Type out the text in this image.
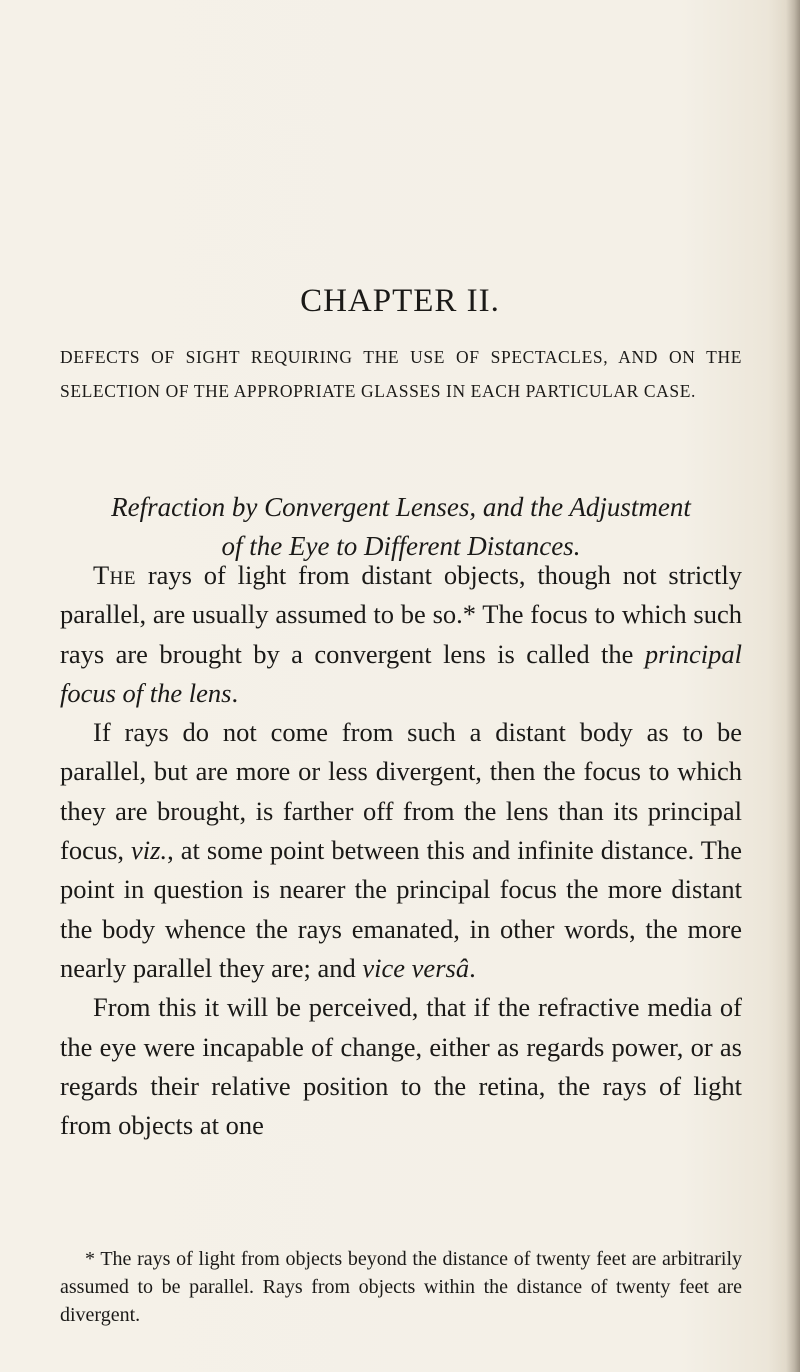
CHAPTER II.
DEFECTS OF SIGHT REQUIRING THE USE OF SPECTACLES, AND ON THE SELECTION OF THE APPROPRIATE GLASSES IN EACH PARTICULAR CASE.
Refraction by Convergent Lenses, and the Adjustment
of the Eye to Different Distances.

The rays of light from distant objects, though not strictly parallel, are usually assumed to be so.* The focus to which such rays are brought by a convergent lens is called the principal focus of the lens.

If rays do not come from such a distant body as to be parallel, but are more or less divergent, then the focus to which they are brought, is farther off from the lens than its principal focus, viz., at some point between this and infinite distance. The point in question is nearer the principal focus the more distant the body whence the rays emanated, in other words, the more nearly parallel they are; and vice versâ.

From this it will be perceived, that if the refractive media of the eye were incapable of change, either as regards power, or as regards their relative position to the retina, the rays of light from objects at one

* The rays of light from objects beyond the distance of twenty feet are arbitrarily assumed to be parallel. Rays from objects within the distance of twenty feet are divergent.
